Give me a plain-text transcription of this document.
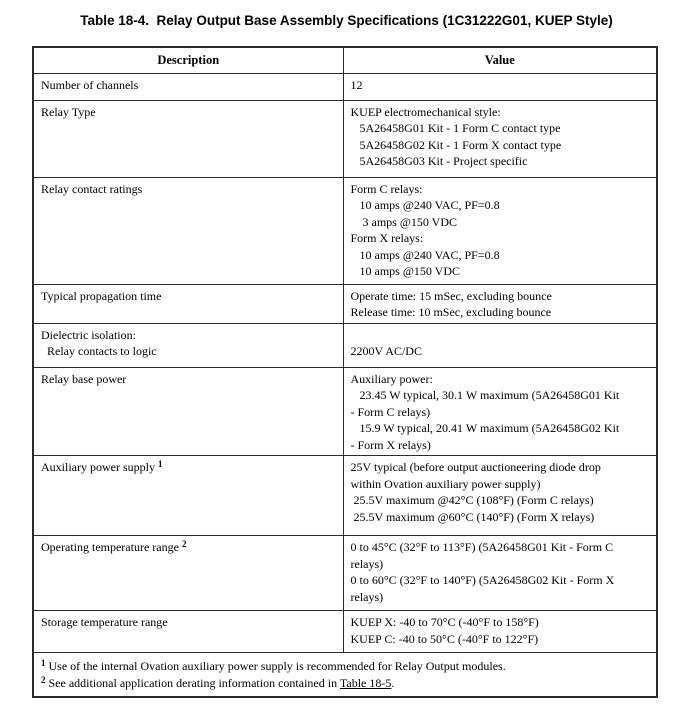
Table 18-4.  Relay Output Base Assembly Specifications (1C31222G01, KUEP Style)
Description	Value

Number of channels	12

Relay Type	KUEP electromechanical style:
5A26458G01 Kit - 1 Form C contact type
5A26458G02 Kit - 1 Form X contact type
5A26458G03 Kit - Project specific

Relay contact ratings	Form C relays:
10 amps @240 VAC, PF=0.8
3 amps @150 VDC
Form X relays:
10 amps @240 VAC, PF=0.8
10 amps @150 VDC

Typical propagation time	Operate time: 15 mSec, excluding bounce
Release time: 10 mSec, excluding bounce

Dielectric isolation:
Relay contacts to logic	2200V AC/DC

Relay base power	Auxiliary power:
23.45 W typical, 30.1 W maximum (5A26458G01 Kit
- Form C relays)
15.9 W typical, 20.41 W maximum (5A26458G02 Kit
- Form X relays)

Auxiliary power supply $^1$	25V typical (before output auctioneering diode drop
within Ovation auxiliary power supply)
25.5V maximum @42°C (108°F) (Form C relays)
25.5V maximum @60°C (140°F) (Form X relays)

Operating temperature range $^2$	0 to 45°C (32°F to 113°F) (5A26458G01 Kit - Form C
relays)
0 to 60°C (32°F to 140°F) (5A26458G02 Kit - Form X
relays)

Storage temperature range	KUEP X: -40 to 70°C (-40°F to 158°F)
KUEP C: -40 to 50°C (-40°F to 122°F)

$^1$ Use of the internal Ovation auxiliary power supply is recommended for Relay Output modules.
$^2$ See additional application derating information contained in Table 18-5.	
